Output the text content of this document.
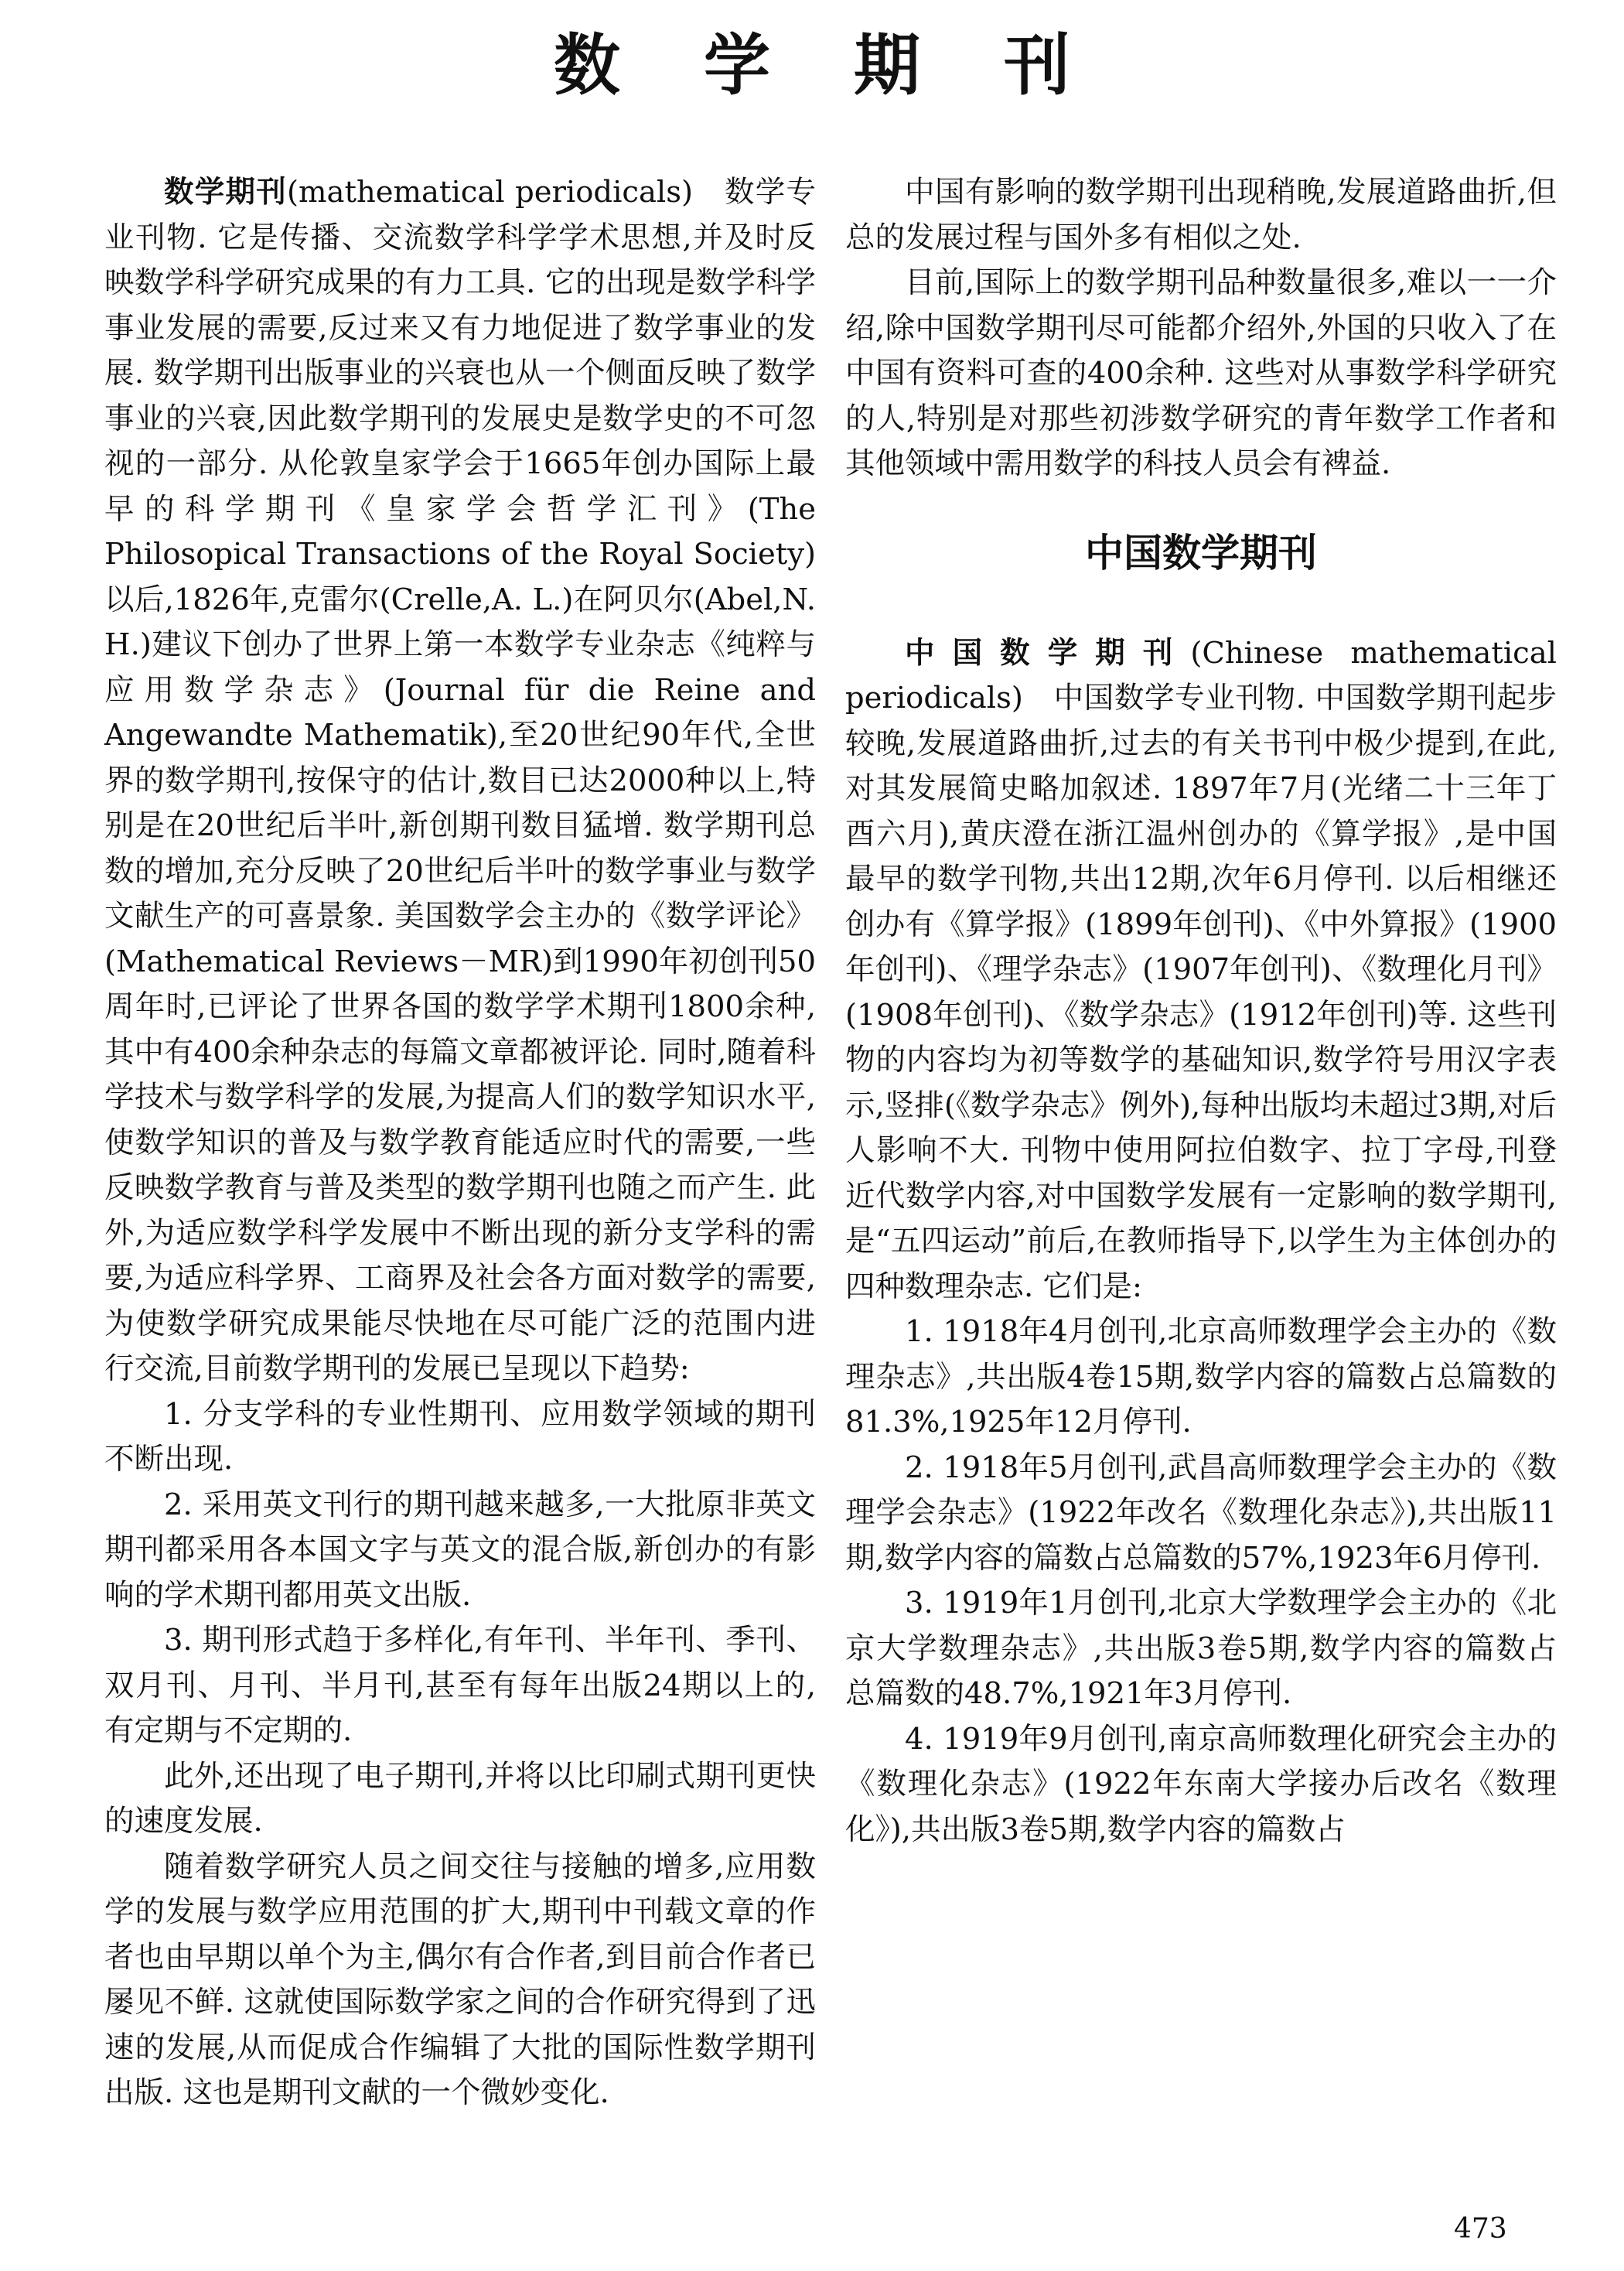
数 学 期 刊

数学期刊(mathematical periodicals)　数学专业刊物. 它是传播、交流数学科学学术思想,并及时反映数学科学研究成果的有力工具. 它的出现是数学科学事业发展的需要,反过来又有力地促进了数学事业的发展. 数学期刊出版事业的兴衰也从一个侧面反映了数学事业的兴衰,因此数学期刊的发展史是数学史的不可忽视的一部分. 从伦敦皇家学会于1665年创办国际上最早的科学期刊《皇家学会哲学汇刊》(The Philosopical Transactions of the Royal Society)以后,1826年,克雷尔(Crelle,A. L.)在阿贝尔(Abel,N. H.)建议下创办了世界上第一本数学专业杂志《纯粹与应用数学杂志》(Journal für die Reine and Angewandte Mathematik),至20世纪90年代,全世界的数学期刊,按保守的估计,数目已达2000种以上,特别是在20世纪后半叶,新创期刊数目猛增. 数学期刊总数的增加,充分反映了20世纪后半叶的数学事业与数学文献生产的可喜景象. 美国数学会主办的《数学评论》(Mathematical Reviews－MR)到1990年初创刊50周年时,已评论了世界各国的数学学术期刊1800余种,其中有400余种杂志的每篇文章都被评论. 同时,随着科学技术与数学科学的发展,为提高人们的数学知识水平,使数学知识的普及与数学教育能适应时代的需要,一些反映数学教育与普及类型的数学期刊也随之而产生. 此外,为适应数学科学发展中不断出现的新分支学科的需要,为适应科学界、工商界及社会各方面对数学的需要,为使数学研究成果能尽快地在尽可能广泛的范围内进行交流,目前数学期刊的发展已呈现以下趋势:

1. 分支学科的专业性期刊、应用数学领域的期刊不断出现.

2. 采用英文刊行的期刊越来越多,一大批原非英文期刊都采用各本国文字与英文的混合版,新创办的有影响的学术期刊都用英文出版.

3. 期刊形式趋于多样化,有年刊、半年刊、季刊、双月刊、月刊、半月刊,甚至有每年出版24期以上的,有定期与不定期的.

此外,还出现了电子期刊,并将以比印刷式期刊更快的速度发展.

随着数学研究人员之间交往与接触的增多,应用数学的发展与数学应用范围的扩大,期刊中刊载文章的作者也由早期以单个为主,偶尔有合作者,到目前合作者已屡见不鲜. 这就使国际数学家之间的合作研究得到了迅速的发展,从而促成合作编辑了大批的国际性数学期刊出版. 这也是期刊文献的一个微妙变化.

中国有影响的数学期刊出现稍晚,发展道路曲折,但总的发展过程与国外多有相似之处.

目前,国际上的数学期刊品种数量很多,难以一一介绍,除中国数学期刊尽可能都介绍外,外国的只收入了在中国有资料可查的400余种. 这些对从事数学科学研究的人,特别是对那些初涉数学研究的青年数学工作者和其他领域中需用数学的科技人员会有裨益.

中国数学期刊

中国数学期刊(Chinese mathematical periodicals)　中国数学专业刊物. 中国数学期刊起步较晚,发展道路曲折,过去的有关书刊中极少提到,在此,对其发展简史略加叙述. 1897年7月(光绪二十三年丁酉六月),黄庆澄在浙江温州创办的《算学报》,是中国最早的数学刊物,共出12期,次年6月停刊. 以后相继还创办有《算学报》(1899年创刊)、《中外算报》(1900年创刊)、《理学杂志》(1907年创刊)、《数理化月刊》(1908年创刊)、《数学杂志》(1912年创刊)等. 这些刊物的内容均为初等数学的基础知识,数学符号用汉字表示,竖排(《数学杂志》例外),每种出版均未超过3期,对后人影响不大. 刊物中使用阿拉伯数字、拉丁字母,刊登近代数学内容,对中国数学发展有一定影响的数学期刊,是“五四运动”前后,在教师指导下,以学生为主体创办的四种数理杂志. 它们是:

1. 1918年4月创刊,北京高师数理学会主办的《数理杂志》,共出版4卷15期,数学内容的篇数占总篇数的81.3%,1925年12月停刊.

2. 1918年5月创刊,武昌高师数理学会主办的《数理学会杂志》(1922年改名《数理化杂志》),共出版11期,数学内容的篇数占总篇数的57%,1923年6月停刊.

3. 1919年1月创刊,北京大学数理学会主办的《北京大学数理杂志》,共出版3卷5期,数学内容的篇数占总篇数的48.7%,1921年3月停刊.

4. 1919年9月创刊,南京高师数理化研究会主办的《数理化杂志》(1922年东南大学接办后改名《数理化》),共出版3卷5期,数学内容的篇数占

473
